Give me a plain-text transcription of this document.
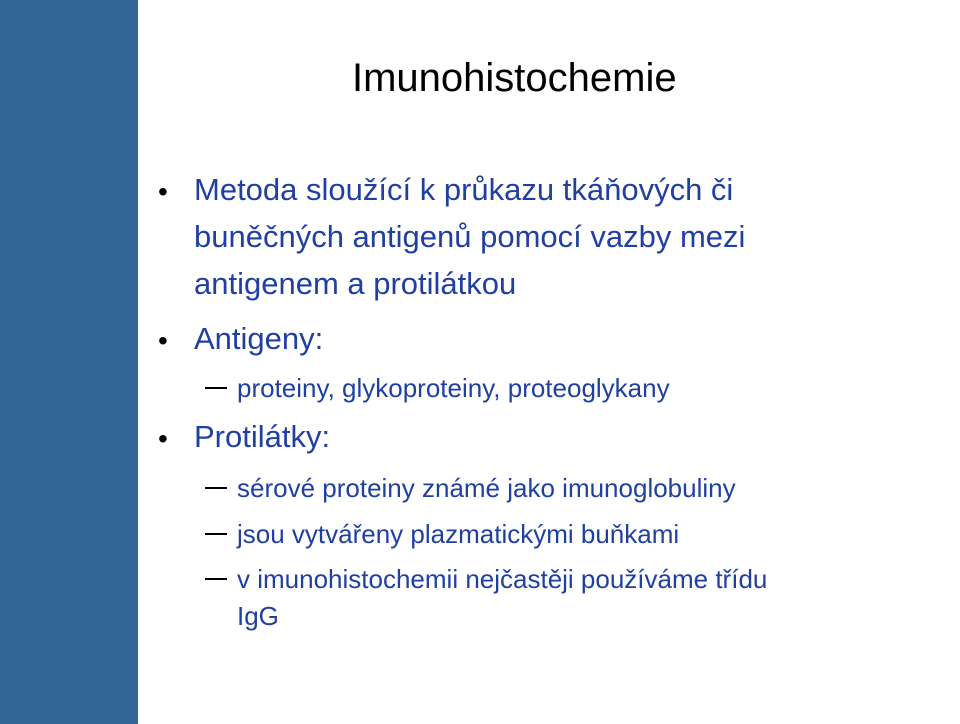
Imunohistochemie
• Metoda sloužící k průkazu tkáňových či
buněčných antigenů pomocí vazby mezi
antigenem a protilátkou
• Antigeny:
proteiny, glykoproteiny, proteoglykany
• Protilátky:
sérové proteiny známé jako imunoglobuliny
jsou vytvářeny plazmatickými buňkami
v imunohistochemii nejčastěji používáme třídu
IgG
